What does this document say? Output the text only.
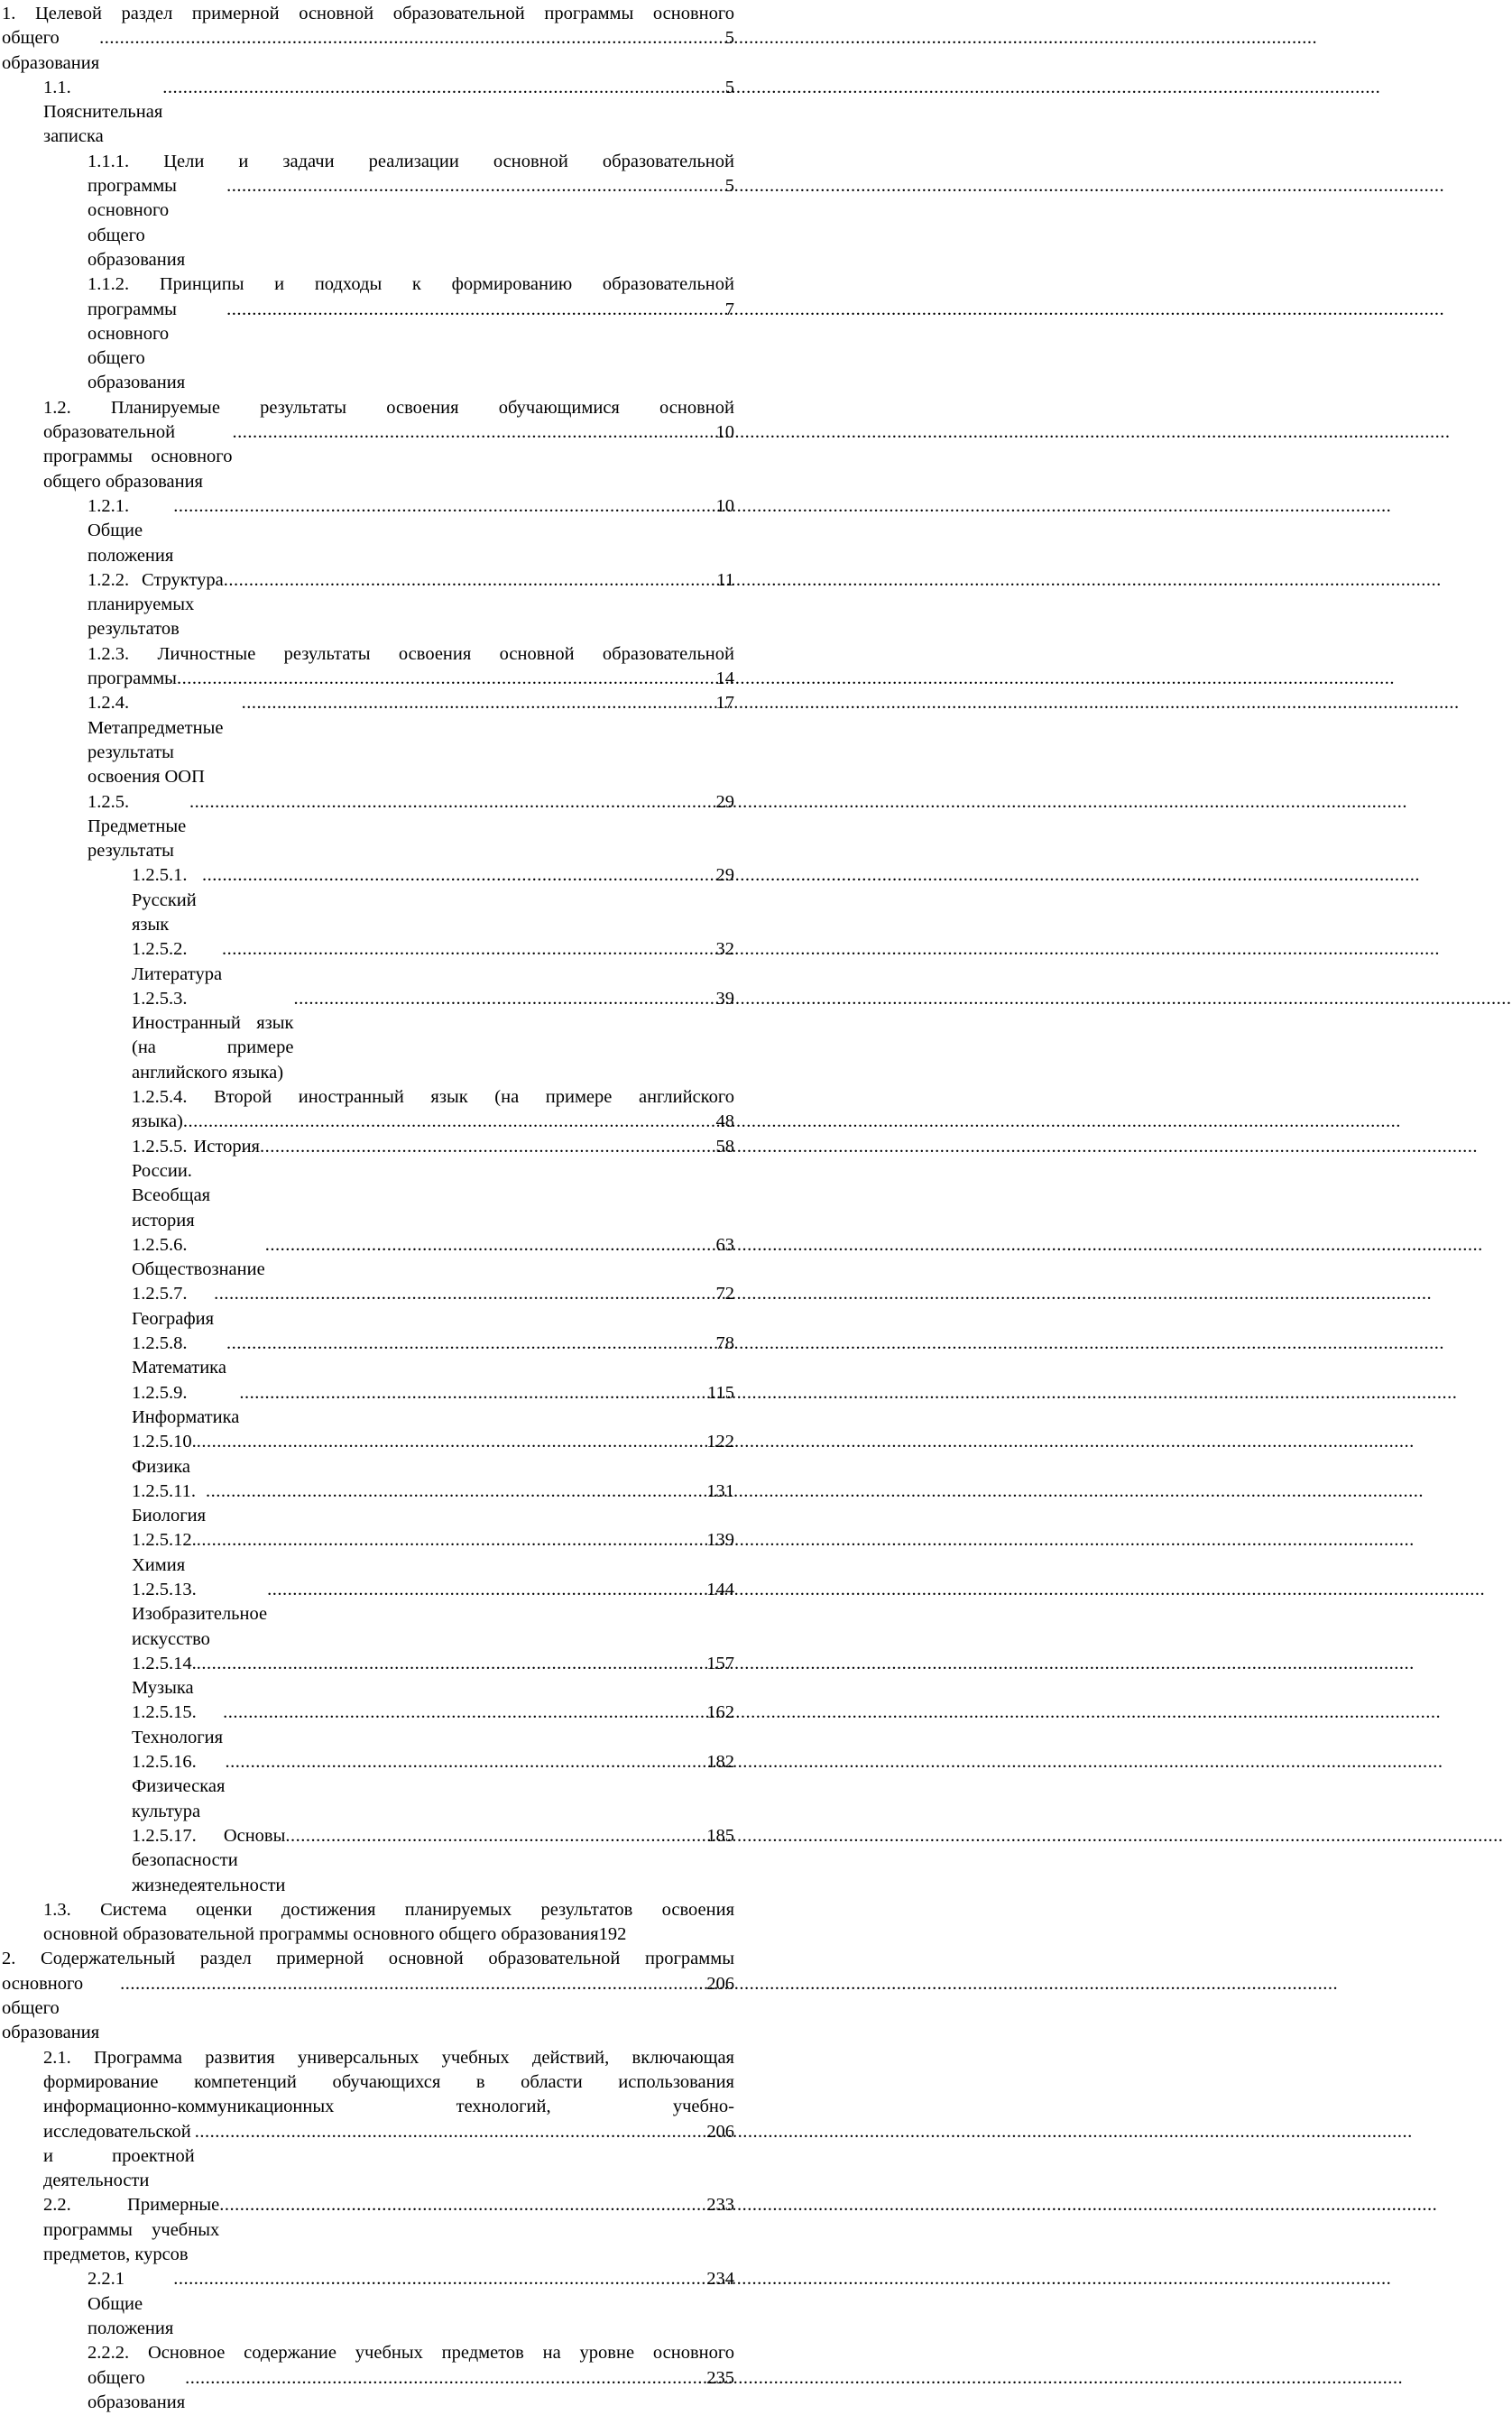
1. Целевой раздел примерной основной образовательной программы основного
общего образования
.....
5
1.1. Пояснительная записка
.....
5
1.1.1. Цели и задачи реализации основной образовательной
программы основного общего образования
.....
5
1.1.2. Принципы и подходы к формированию образовательной
программы основного общего образования
.....
7
1.2. Планируемые результаты освоения обучающимися основной
образовательной программы основного общего образования
.....
10
1.2.1. Общие положения
.....
10
1.2.2. Структура планируемых результатов
.....
11
1.2.3. Личностные результаты освоения основной образовательной
программы .....	14
1.2.4. Метапредметные результаты освоения ООП
.....
17
1.2.5. Предметные результаты
.....
29
1.2.5.1. Русский язык
.....
29
1.2.5.2. Литература
.....
32
1.2.5.3. Иностранный язык (на примере английского языка)
.....
39
1.2.5.4. Второй иностранный язык (на примере английского
языка) .....	48
1.2.5.5. История России. Всеобщая история
.....
58
1.2.5.6. Обществознание
.....
63
1.2.5.7. География
.....
72
1.2.5.8. Математика
.....
78
1.2.5.9. Информатика
.....
115
1.2.5.10. Физика
.....
122
1.2.5.11. Биология
.....
131
1.2.5.12. Химия
.....
139
1.2.5.13. Изобразительное искусство
.....
144
1.2.5.14. Музыка
.....
157
1.2.5.15. Технология
.....
162
1.2.5.16. Физическая культура
.....
182
1.2.5.17. Основы безопасности жизнедеятельности
.....
185
1.3. Система оценки достижения планируемых результатов освоения
основной образовательной программы основного общего образования 192
2. Содержательный раздел примерной основной образовательной программы
основного общего образования
.....
206
2.1. Программа развития универсальных учебных действий, включающая
формирование компетенций обучающихся в области использования
информационно-коммуникационных технологий, учебно-
исследовательской и проектной деятельности
.....
206
2.2. Примерные программы учебных предметов, курсов
.....
233
2.2.1 Общие положения
.....
234
2.2.2. Основное содержание учебных предметов на уровне основного
общего образования
.....
235
